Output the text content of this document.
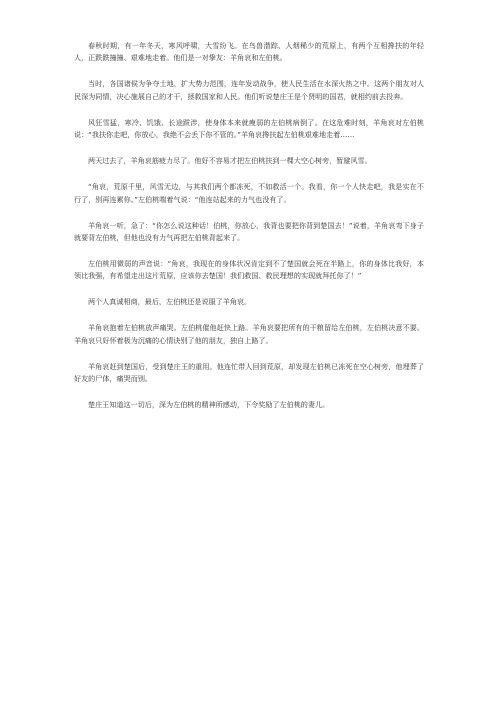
春秋时期，有一年冬天，寒风呼啸，大雪纷飞。在鸟兽潜踪、人烟稀少的荒原上，有两个互相搀扶的年轻人，正跌跌撞撞、艰难地走着。他们是一对挚友：羊角哀和左伯桃。

当时，各国诸侯为争夺土地，扩大势力范围，连年发动战争，使人民生活在水深火热之中。这两个朋友对人民深为同情，决心施展自己的才干，拯救国家和人民。他们听说楚庄王是个贤明的国君，就相约前去投奔。

风狂雪猛，寒冷、饥饿、长途跋涉，使身体本来就瘦弱的左伯桃病倒了。在这危难时刻，羊角哀对左伯桃说：“我扶你走吧，你放心，我绝不会丢下你不管的。”羊角哀搀扶起左伯桃艰难地走着……

两天过去了，羊角哀筋疲力尽了。他好不容易才把左伯桃扶到一棵大空心树旁，暂避风雪。

“角哀，荒原千里，风雪无边，与其我们两个都冻死，不如救活一个。我看，你一个人快走吧，我是实在不行了，别再连累你。”左伯桃喘着气说：“他连站起来的力气也没有了。

羊角哀一听，急了：“你怎么说这种话！伯桃，你放心，我背也要把你背到楚国去！”说着，羊角哀弯下身子就要背左伯桃，但他也没有力气再把左伯桃背起来了。

左伯桃用微弱的声音说：“角哀，我现在的身体状况肯定到不了楚国就会死在半路上，你的身体比我好，本领比我强，有希望走出这片荒原，应该你去楚国！我们救国、救民理想的实现就拜托你了！”

两个人真诚相商，最后，左伯桃还是说服了羊角哀。

羊角哀抱着左伯桃放声痛哭。左伯桃催他赶快上路。羊角哀要把所有的干粮留给左伯桃，左伯桃决意不要。羊角哀只好怀着极为沉痛的心情诀别了他的朋友，独自上路了。

羊角哀赶到楚国后，受到楚庄王的重用。他连忙带人回到荒原，却发现左伯桃已冻死在空心树旁，他埋葬了好友的尸体，痛哭而别。

楚庄王知道这一切后，深为左伯桃的精神所感动，下令奖励了左伯桃的妻儿。
